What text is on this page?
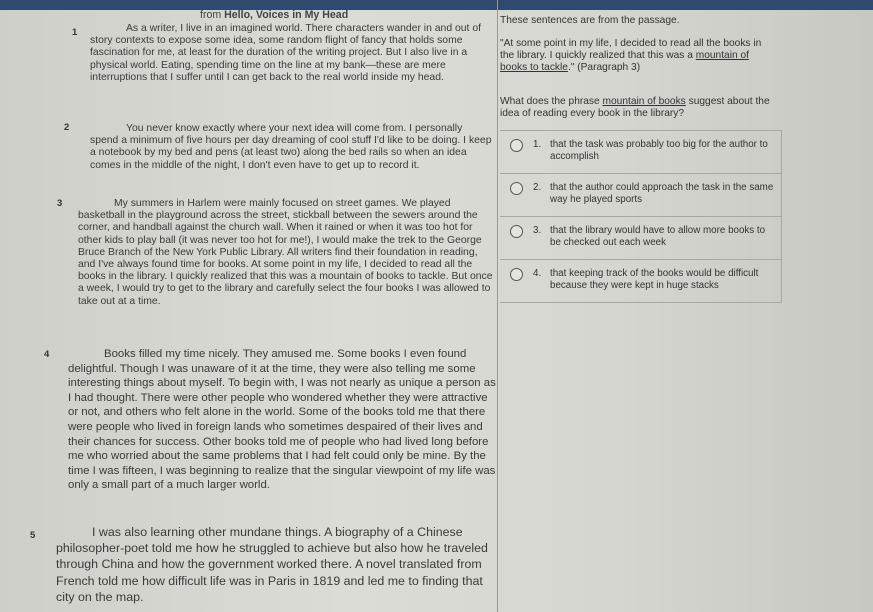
from Hello, Voices in My Head
1	As a writer, I live in an imagined world. There characters wander in and out of story contexts to expose some idea, some random flight of fancy that holds some fascination for me, at least for the duration of the writing project. But I also live in a physical world. Eating, spending time on the line at my bank—these are mere interruptions that I suffer until I can get back to the real world inside my head.
2	You never know exactly where your next idea will come from. I personally spend a minimum of five hours per day dreaming of cool stuff I'd like to be doing. I keep a notebook by my bed and pens (at least two) along the bed rails so when an idea comes in the middle of the night, I don't even have to get up to record it.
3	My summers in Harlem were mainly focused on street games. We played basketball in the playground across the street, stickball between the sewers around the corner, and handball against the church wall. When it rained or when it was too hot for other kids to play ball (it was never too hot for me!), I would make the trek to the George Bruce Branch of the New York Public Library. All writers find their foundation in reading, and I've always found time for books. At some point in my life, I decided to read all the books in the library. I quickly realized that this was a mountain of books to tackle. But once a week, I would try to get to the library and carefully select the four books I was allowed to take out at a time.
4	Books filled my time nicely. They amused me. Some books I even found delightful. Though I was unaware of it at the time, they were also telling me some interesting things about myself. To begin with, I was not nearly as unique a person as I had thought. There were other people who wondered whether they were attractive or not, and others who felt alone in the world. Some of the books told me that there were people who lived in foreign lands who sometimes despaired of their lives and their chances for success. Other books told me of people who had lived long before me who worried about the same problems that I had felt could only be mine. By the time I was fifteen, I was beginning to realize that the singular viewpoint of my life was only a small part of a much larger world.
5	I was also learning other mundane things. A biography of a Chinese philosopher-poet told me how he struggled to achieve but also how he traveled through China and how the government worked there. A novel translated from French told me how difficult life was in Paris in 1819 and led me to finding that city on the map.
These sentences are from the passage.
"At some point in my life, I decided to read all the books in the library. I quickly realized that this was a mountain of books to tackle." (Paragraph 3)
What does the phrase mountain of books suggest about the idea of reading every book in the library?
1. that the task was probably too big for the author to accomplish
2. that the author could approach the task in the same way he played sports
3. that the library would have to allow more books to be checked out each week
4. that keeping track of the books would be difficult because they were kept in huge stacks
